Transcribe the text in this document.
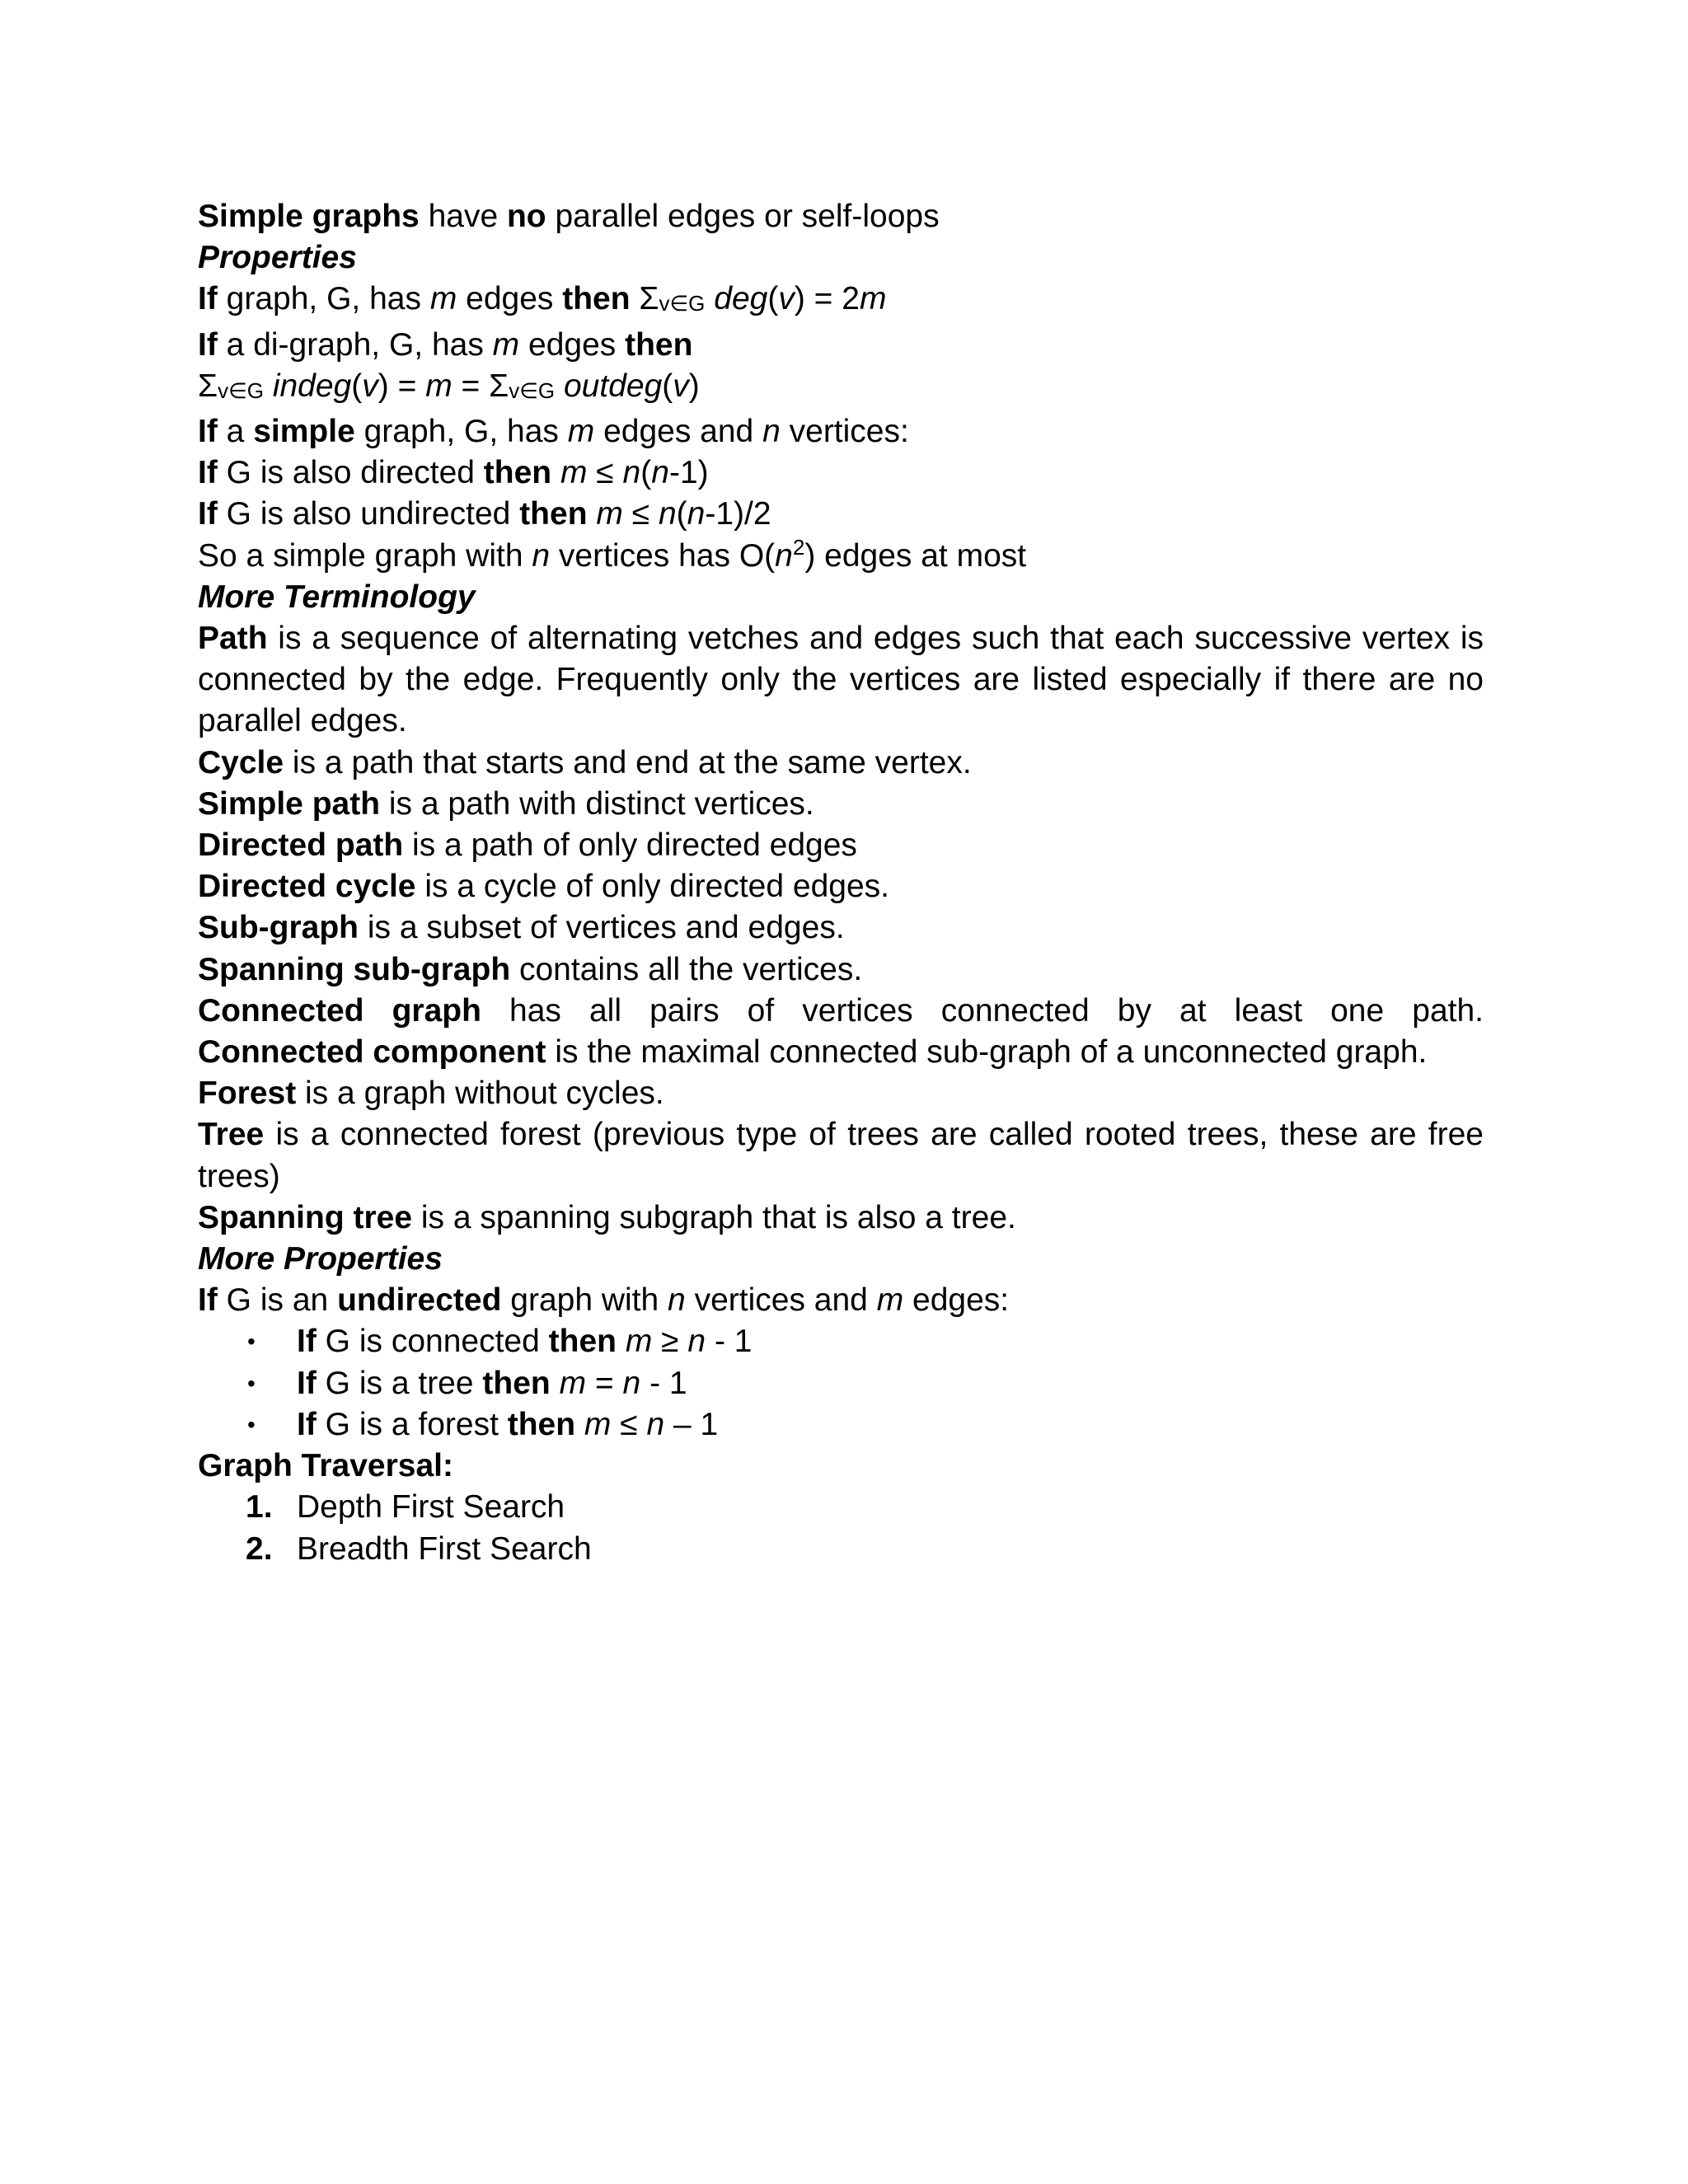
Simple graphs have no parallel edges or self-loops

Properties

If graph, G, has m edges then Σv∈G deg(v) = 2m

If a di-graph, G, has m edges then

Σv∈G indeg(v) = m = Σv∈G outdeg(v)

If a simple graph, G, has m edges and n vertices:

If G is also directed then m ≤ n(n-1)

If G is also undirected then m ≤ n(n-1)/2

So a simple graph with n vertices has $O(n^2)$ edges at most

More Terminology

Path is a sequence of alternating vetches and edges such that each successive vertex is connected by the edge. Frequently only the vertices are listed especially if there are no parallel edges.

Cycle is a path that starts and end at the same vertex.

Simple path is a path with distinct vertices.

Directed path is a path of only directed edges

Directed cycle is a cycle of only directed edges.

Sub-graph is a subset of vertices and edges.

Spanning sub-graph contains all the vertices.

Connected graph has all pairs of vertices connected by at least one path.

Connected component is the maximal connected sub-graph of a unconnected graph.

Forest is a graph without cycles.

Tree is a connected forest (previous type of trees are called rooted trees, these are free trees)

Spanning tree is a spanning subgraph that is also a tree.

More Properties

If G is an undirected graph with n vertices and m edges:

• If G is connected then m ≥ n - 1
• If G is a tree then m = n - 1
• If G is a forest then m ≤ n – 1

Graph Traversal:

1. Depth First Search
2. Breadth First Search
